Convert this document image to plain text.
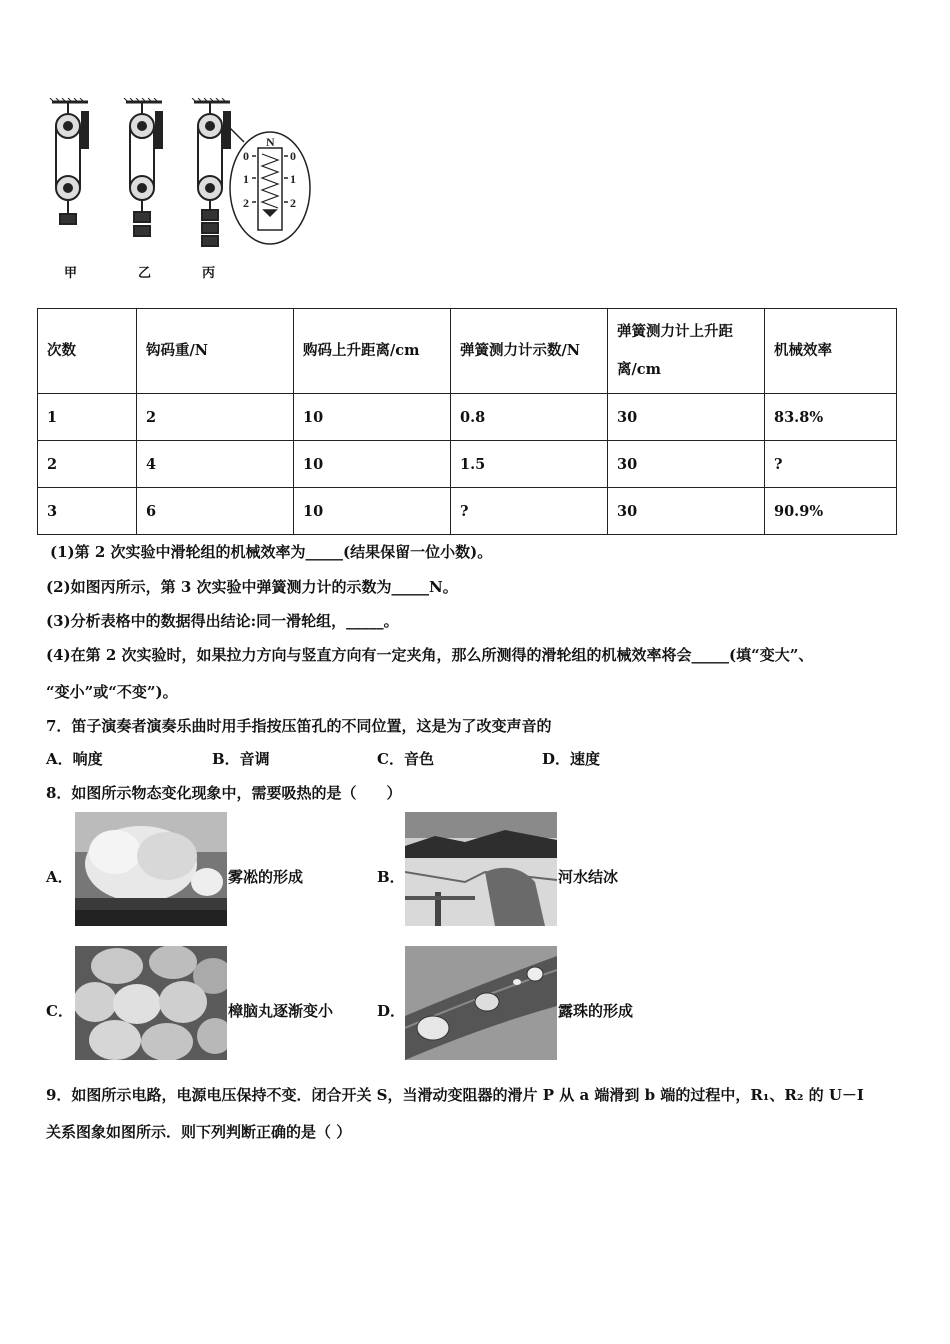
N
0
1
2
0
1
2
甲	乙	丙
次数	钩码重/N	购码上升距离/cm	弹簧测力计示数/N	弹簧测力计上升距离/cm	机械效率
1	2	10	0.8	30	83.8%
2	4	10	1.5	30	?
3	6	10	?	30	90.9%
(1)第 2 次实验中滑轮组的机械效率为_____(结果保留一位小数)。
(2)如图丙所示，第 3 次实验中弹簧测力计的示数为_____N。
(3)分析表格中的数据得出结论:同一滑轮组，_____。
(4)在第 2 次实验时，如果拉力方向与竖直方向有一定夹角，那么所测得的滑轮组的机械效率将会_____(填“变大”、
“变小”或“不变”)。
7．笛子演奏者演奏乐曲时用手指按压笛孔的不同位置，这是为了改变声音的
A．响度	B．音调	C．音色	D．速度
8．如图所示物态变化现象中，需要吸热的是（　　）
A．	雾凇的形成	B．	河水结冰
C．	樟脑丸逐渐变小	D．	露珠的形成
9．如图所示电路，电源电压保持不变．闭合开关 S，当滑动变阻器的滑片 P 从 a 端滑到 b 端的过程中，R₁、R₂ 的 U－I
关系图象如图所示．则下列判断正确的是（ ）
